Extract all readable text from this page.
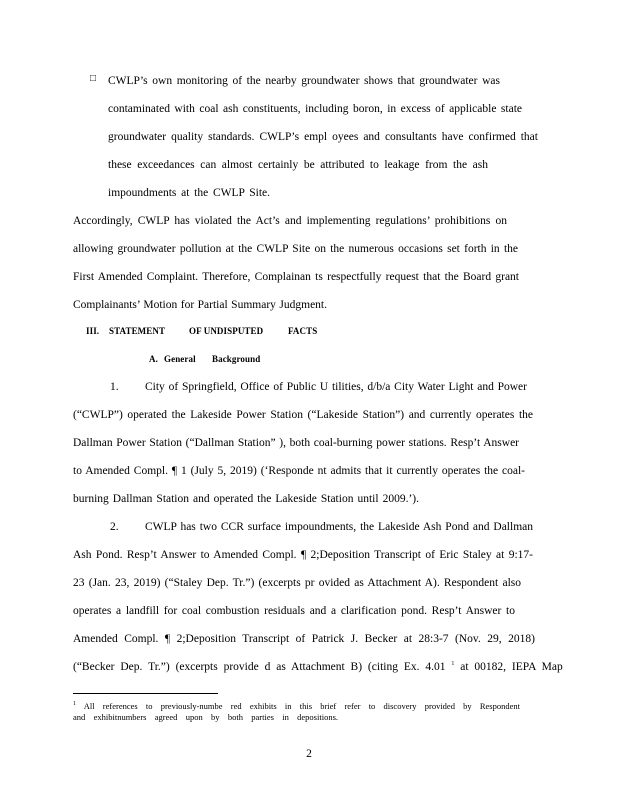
□ CWLP’s own monitoring of the nearby groundwater shows that groundwater was
contaminated with coal ash constituents, including boron, in excess of applicable state
groundwater quality standards. CWLP’s empl oyees and consultants have confirmed that
these exceedances can almost certainly be attributed to leakage from the ash
impoundments at the CWLP Site.
Accordingly, CWLP has violated the Act’s and implementing regulations’ prohibitions on
allowing groundwater pollution at the CWLP Site on the numerous occasions set forth in the
First Amended Complaint. Therefore, Complainan ts respectfully request that the Board grant
Complainants’ Motion for Partial Summary Judgment.
III. STATEMENT	OF UNDISPUTED	FACTS
A. General Background
1. City of Springfield, Office of Public U tilities, d/b/a City Water Light and Power
(“CWLP”) operated the Lakeside Power Station (“Lakeside Station”) and currently operates the
Dallman Power Station (“Dallman Station” ), both coal-burning power stations. Resp’t Answer
to Amended Compl. ¶ 1 (July 5, 2019) (‘Responde nt admits that it currently operates the coal-
burning Dallman Station and operated the Lakeside Station until 2009.’).
2. CWLP has two CCR surface impoundments, the Lakeside Ash Pond and Dallman
Ash Pond. Resp’t Answer to Amended Compl. ¶ 2;Deposition Transcript of Eric Staley at 9:17-
23 (Jan. 23, 2019) (“Staley Dep. Tr.”) (excerpts pr ovided as Attachment A). Respondent also
operates a landfill for coal combustion residuals and a clarification pond. Resp’t Answer to
Amended Compl. ¶ 2;Deposition Transcript of Patrick J. Becker at 28:3-7 (Nov. 29, 2018)
(“Becker Dep. Tr.”) (excerpts provide d as Attachment B) (citing Ex. 4.01 $^1$ at 00182, IEPA Map
$^1$ All references to previously-numbe red exhibits in this brief refer to discovery provided by Respondent
and exhibitnumbers agreed upon by both parties in depositions.
2
